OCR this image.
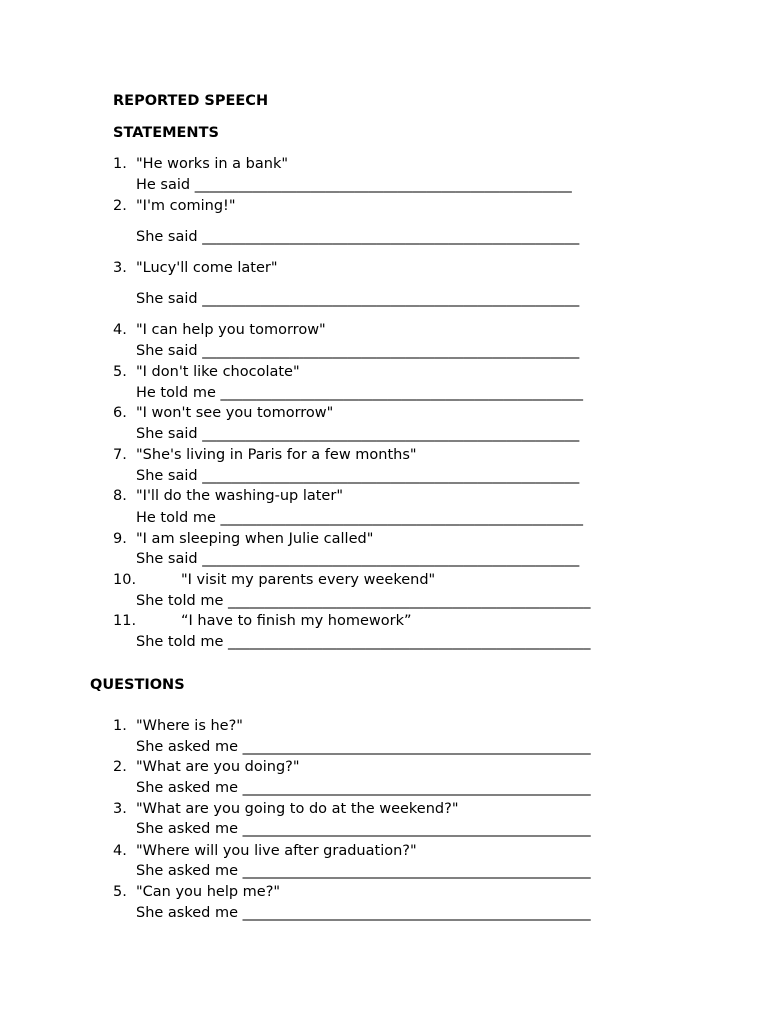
REPORTED SPEECH
STATEMENTS
1. "He works in a bank"
He said ____________________________________________________
2. "I'm coming!"
She said ____________________________________________________
3. "Lucy'll come later"
She said ____________________________________________________
4. "I can help you tomorrow"
She said ____________________________________________________
5. "I don't like chocolate"
He told me __________________________________________________
6. "I won't see you tomorrow"
She said ____________________________________________________
7. "She's living in Paris for a few months"
She said ____________________________________________________
8. "I'll do the washing-up later"
He told me __________________________________________________
9. "I am sleeping when Julie called"
She said ____________________________________________________
10.	"I visit my parents every weekend"
She told me __________________________________________________
11.	“I have to finish my homework”
She told me __________________________________________________
QUESTIONS
1. "Where is he?"
She asked me ________________________________________________
2. "What are you doing?"
She asked me ________________________________________________
3. "What are you going to do at the weekend?"
She asked me ________________________________________________
4. "Where will you live after graduation?"
She asked me ________________________________________________
5. "Can you help me?"
She asked me ________________________________________________
